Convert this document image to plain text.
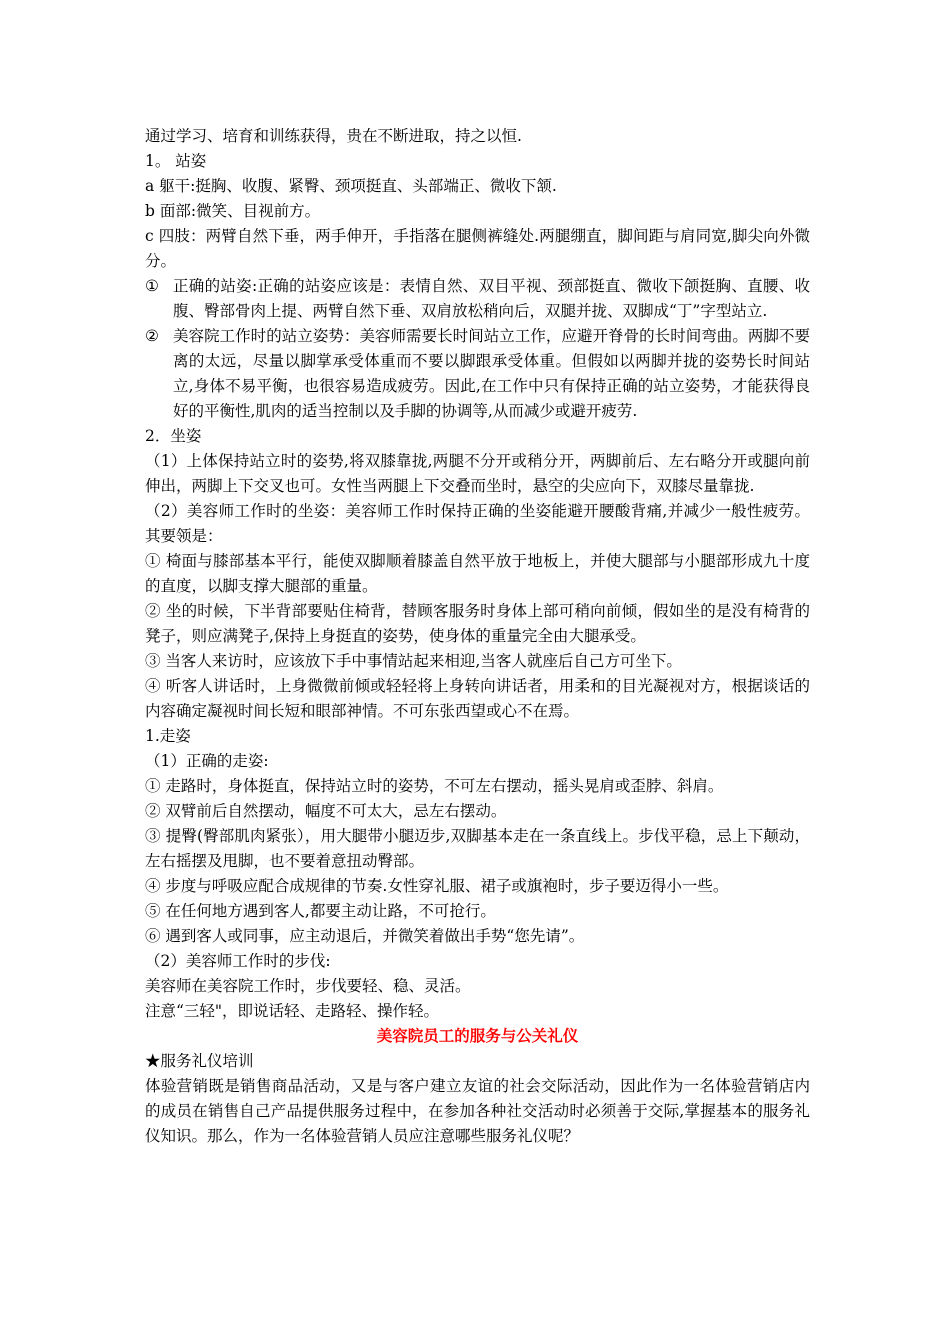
通过学习、培育和训练获得，贵在不断进取，持之以恒.

1。 站姿

a 躯干:挺胸、收腹、紧臀、颈项挺直、头部端正、微收下颔.

b 面部:微笑、目视前方。

c 四肢：两臂自然下垂，两手伸开，手指落在腿侧裤缝处.两腿绷直，脚间距与肩同宽,脚尖向外微分。

① 正确的站姿:正确的站姿应该是：表情自然、双目平视、颈部挺直、微收下颌挺胸、直腰、收腹、臀部骨肉上提、两臂自然下垂、双肩放松稍向后，双腿并拢、双脚成“丁”字型站立.
② 美容院工作时的站立姿势：美容师需要长时间站立工作，应避开脊骨的长时间弯曲。两脚不要离的太远，尽量以脚掌承受体重而不要以脚跟承受体重。但假如以两脚并拢的姿势长时间站立,身体不易平衡，也很容易造成疲劳。因此,在工作中只有保持正确的站立姿势，才能获得良好的平衡性,肌肉的适当控制以及手脚的协调等,从而减少或避开疲劳.

2．坐姿

（1）上体保持站立时的姿势,将双膝靠拢,两腿不分开或稍分开，两脚前后、左右略分开或腿向前伸出，两脚上下交叉也可。女性当两腿上下交叠而坐时，悬空的尖应向下，双膝尽量靠拢.

（2）美容师工作时的坐姿：美容师工作时保持正确的坐姿能避开腰酸背痛,并减少一般性疲劳。其要领是：

① 椅面与膝部基本平行，能使双脚顺着膝盖自然平放于地板上，并使大腿部与小腿部形成九十度的直度，以脚支撑大腿部的重量。

② 坐的时候，下半背部要贴住椅背，替顾客服务时身体上部可稍向前倾，假如坐的是没有椅背的凳子，则应满凳子,保持上身挺直的姿势，使身体的重量完全由大腿承受。

③ 当客人来访时，应该放下手中事情站起来相迎,当客人就座后自己方可坐下。

④ 听客人讲话时，上身微微前倾或轻轻将上身转向讲话者，用柔和的目光凝视对方，根据谈话的内容确定凝视时间长短和眼部神情。不可东张西望或心不在焉。

1.走姿

（1）正确的走姿:

① 走路时，身体挺直，保持站立时的姿势，不可左右摆动，摇头晃肩或歪脖、斜肩。

② 双臂前后自然摆动，幅度不可太大，忌左右摆动。

③ 提臀(臀部肌肉紧张），用大腿带小腿迈步,双脚基本走在一条直线上。步伐平稳，忌上下颠动，左右摇摆及甩脚，也不要着意扭动臀部。

④ 步度与呼吸应配合成规律的节奏.女性穿礼服、裙子或旗袍时，步子要迈得小一些。

⑤ 在任何地方遇到客人,都要主动让路，不可抢行。

⑥ 遇到客人或同事，应主动退后，并微笑着做出手势“您先请”。

（2）美容师工作时的步伐:

美容师在美容院工作时，步伐要轻、稳、灵活。

注意“三轻"，即说话轻、走路轻、操作轻。

美容院员工的服务与公关礼仪

★服务礼仪培训

体验营销既是销售商品活动，又是与客户建立友谊的社会交际活动，因此作为一名体验营销店内的成员在销售自己产品提供服务过程中，在参加各种社交活动时必须善于交际,掌握基本的服务礼仪知识。那么，作为一名体验营销人员应注意哪些服务礼仪呢？
